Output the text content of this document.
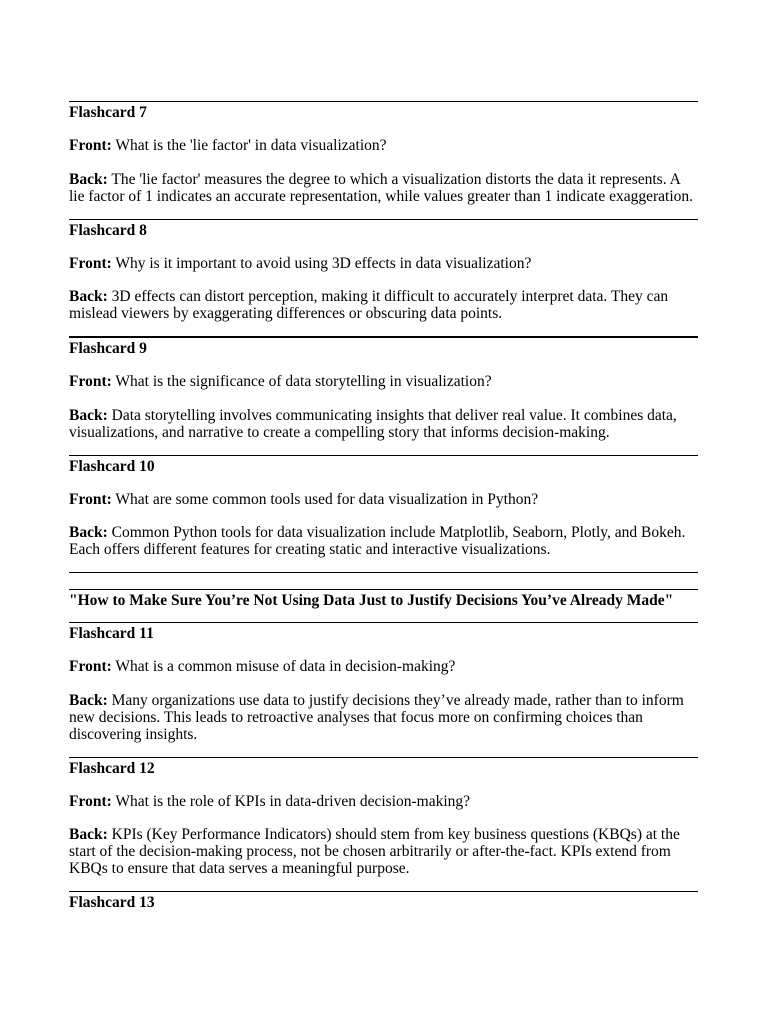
Flashcard 7
Front: What is the 'lie factor' in data visualization?
Back: The 'lie factor' measures the degree to which a visualization distorts the data it represents. A
lie factor of 1 indicates an accurate representation, while values greater than 1 indicate exaggeration.
Flashcard 8
Front: Why is it important to avoid using 3D effects in data visualization?
Back: 3D effects can distort perception, making it difficult to accurately interpret data. They can
mislead viewers by exaggerating differences or obscuring data points.
Flashcard 9
Front: What is the significance of data storytelling in visualization?
Back: Data storytelling involves communicating insights that deliver real value. It combines data,
visualizations, and narrative to create a compelling story that informs decision-making.
Flashcard 10
Front: What are some common tools used for data visualization in Python?
Back: Common Python tools for data visualization include Matplotlib, Seaborn, Plotly, and Bokeh.
Each offers different features for creating static and interactive visualizations.
"How to Make Sure You’re Not Using Data Just to Justify Decisions You’ve Already Made"
Flashcard 11
Front: What is a common misuse of data in decision-making?
Back: Many organizations use data to justify decisions they’ve already made, rather than to inform
new decisions. This leads to retroactive analyses that focus more on confirming choices than
discovering insights.
Flashcard 12
Front: What is the role of KPIs in data-driven decision-making?
Back: KPIs (Key Performance Indicators) should stem from key business questions (KBQs) at the
start of the decision-making process, not be chosen arbitrarily or after-the-fact. KPIs extend from
KBQs to ensure that data serves a meaningful purpose.
Flashcard 13
